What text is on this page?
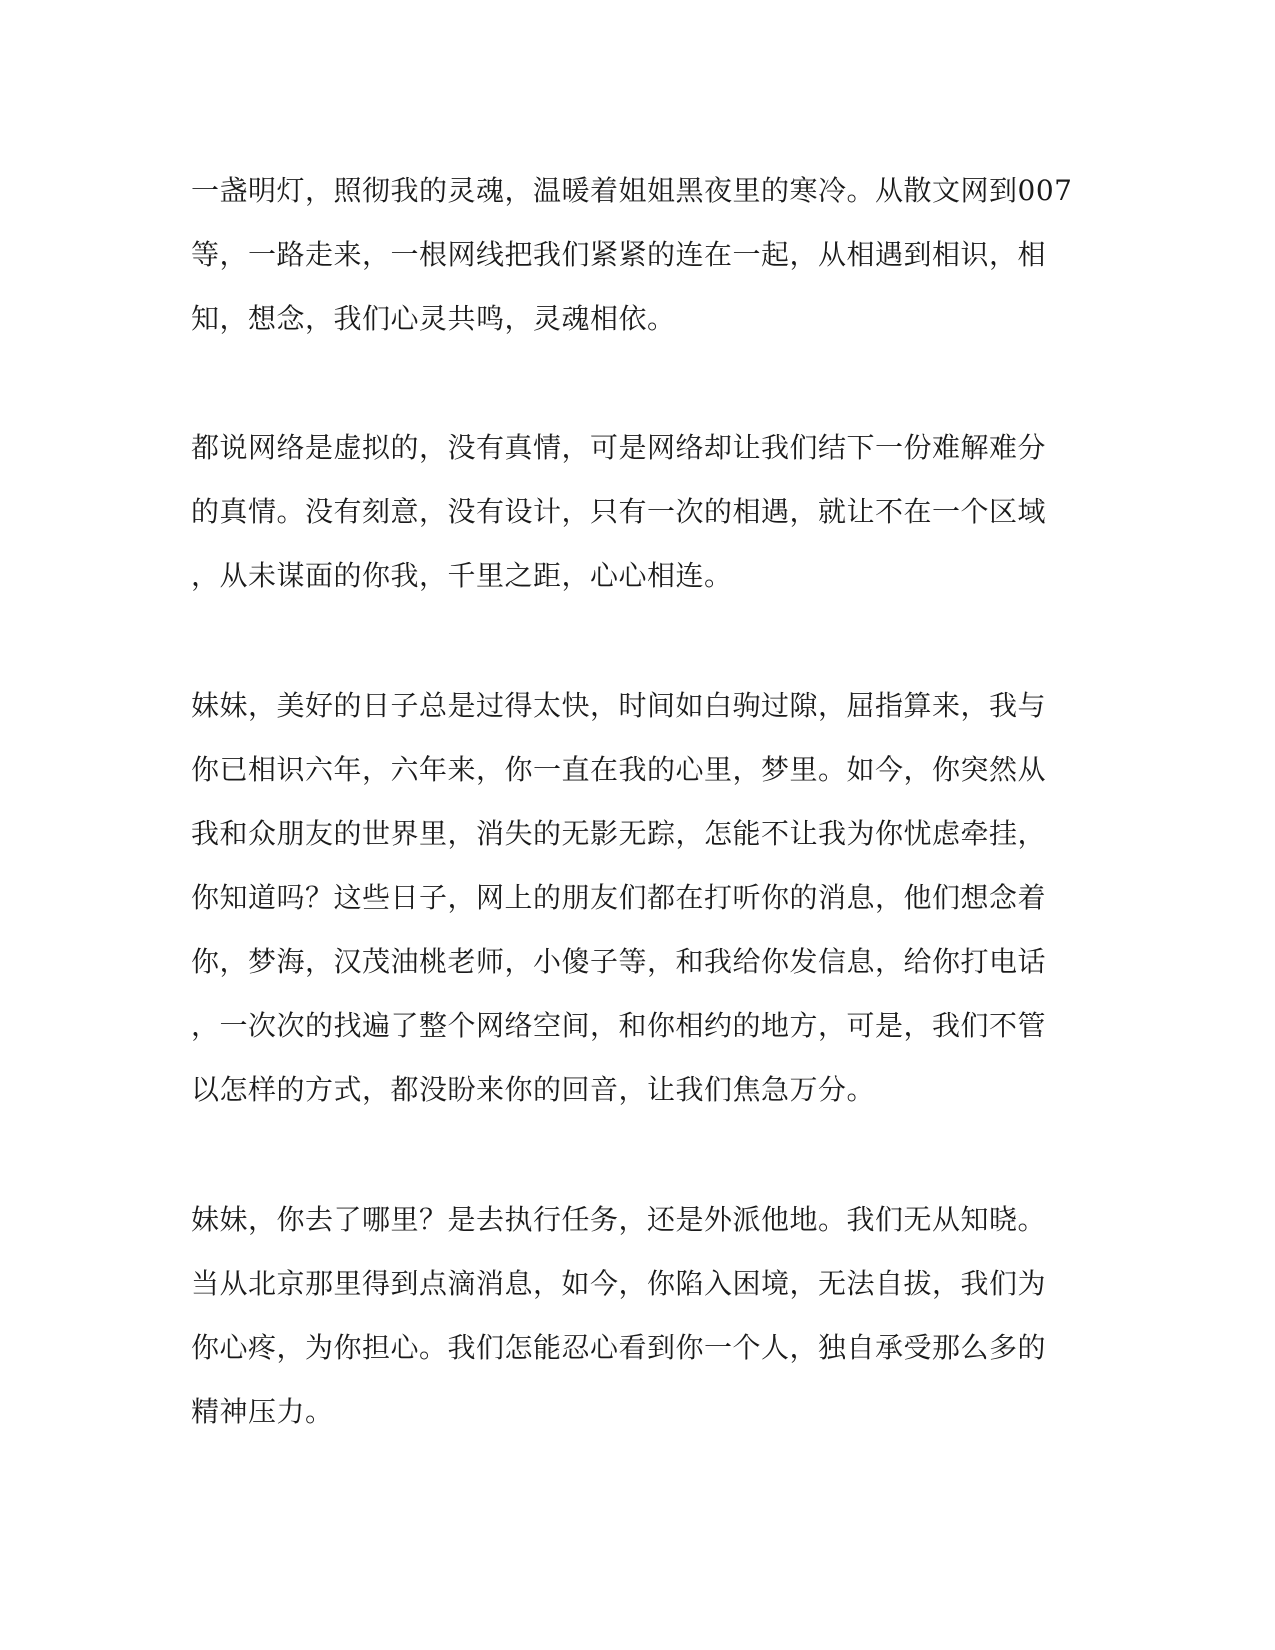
一盏明灯，照彻我的灵魂，温暖着姐姐黑夜里的寒冷。从散文网到007
等，一路走来，一根网线把我们紧紧的连在一起，从相遇到相识，相
知，想念，我们心灵共鸣，灵魂相依。
都说网络是虚拟的，没有真情，可是网络却让我们结下一份难解难分
的真情。没有刻意，没有设计，只有一次的相遇，就让不在一个区域
，从未谋面的你我，千里之距，心心相连。
妹妹，美好的日子总是过得太快，时间如白驹过隙，屈指算来，我与
你已相识六年，六年来，你一直在我的心里，梦里。如今，你突然从
我和众朋友的世界里，消失的无影无踪，怎能不让我为你忧虑牵挂，
你知道吗？这些日子，网上的朋友们都在打听你的消息，他们想念着
你，梦海，汉茂油桃老师，小傻子等，和我给你发信息，给你打电话
，一次次的找遍了整个网络空间，和你相约的地方，可是，我们不管
以怎样的方式，都没盼来你的回音，让我们焦急万分。
妹妹，你去了哪里？是去执行任务，还是外派他地。我们无从知晓。
当从北京那里得到点滴消息，如今，你陷入困境，无法自拔，我们为
你心疼，为你担心。我们怎能忍心看到你一个人，独自承受那么多的
精神压力。
